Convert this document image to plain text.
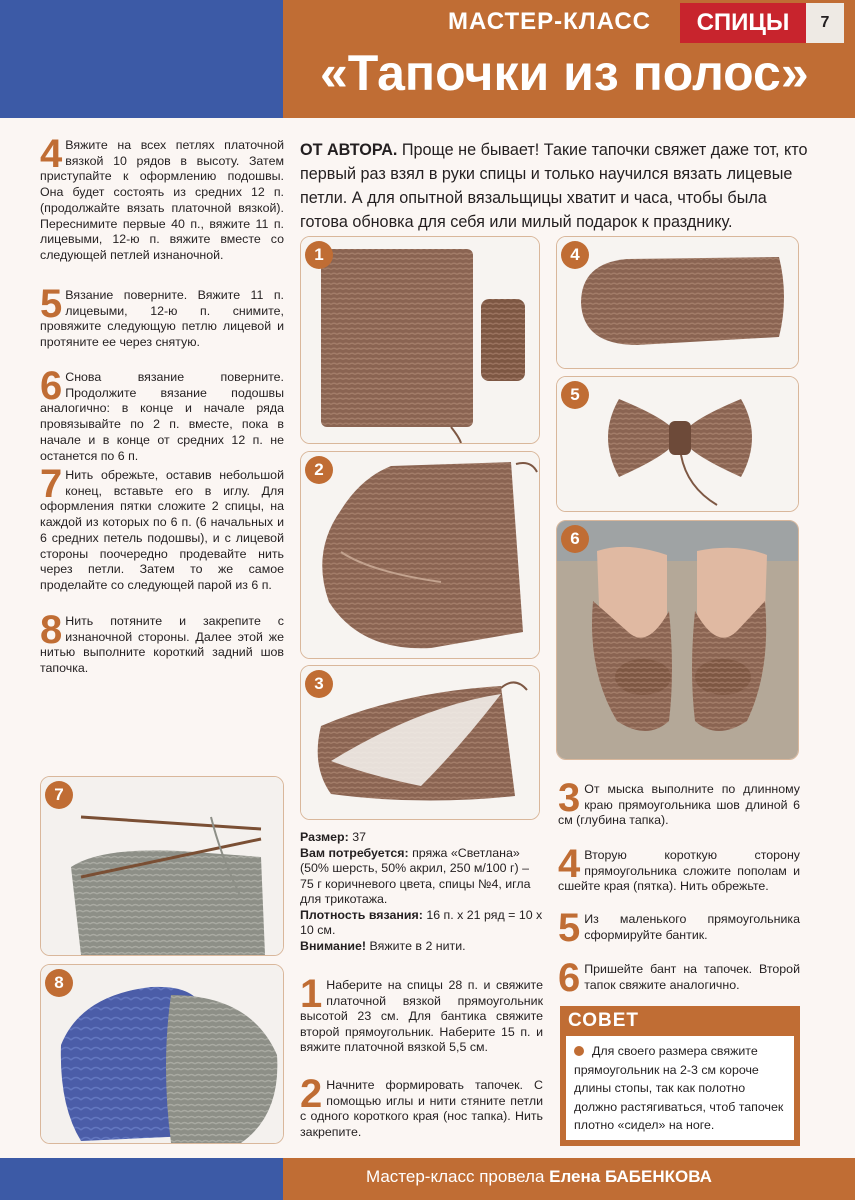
МАСТЕР-КЛАСС	СПИЦЫ	7
«Тапочки из полос»
4 Вяжите на всех петлях платочной вязкой 10 рядов в высоту. Затем приступайте к оформлению подошвы. Она будет состоять из средних 12 п. (продолжайте вязать платочной вязкой). Переснимите первые 40 п., вяжите 11 п. лицевыми, 12-ю п. вяжите вместе со следующей петлей изнаночной.
5 Вязание поверните. Вяжите 11 п. лицевыми, 12-ю п. снимите, провяжите следующую петлю лицевой и протяните ее через снятую.
6 Снова вязание поверните. Продолжите вязание подошвы аналогично: в конце и начале ряда провязывайте по 2 п. вместе, пока в начале и в конце от средних 12 п. не останется по 6 п.
7 Нить обрежьте, оставив небольшой конец, вставьте его в иглу. Для оформления пятки сложите 2 спицы, на каждой из которых по 6 п. (6 начальных и 6 средних петель подошвы), и с лицевой стороны поочередно продевайте нить через петли. Затем то же самое проделайте со следующей парой из 6 п.
8 Нить потяните и закрепите с изнаночной стороны. Далее этой же нитью выполните короткий задний шов тапочка.
ОТ АВТОРА. Проще не бывает! Такие тапочки свяжет даже тот, кто первый раз взял в руки спицы и только научился вязать лицевые петли. А для опытной вязальщицы хватит и часа, чтобы была готова обновка для себя или милый подарок к празднику.
1
2
3
4
5
6
7
8
Размер: 37
Вам потребуется: пряжа «Светлана» (50% шерсть, 50% акрил, 250 м/100 г) – 75 г коричневого цвета, спицы №4, игла для трикотажа.
Плотность вязания: 16 п. x 21 ряд = 10 x 10 см.
Внимание! Вяжите в 2 нити.
1 Наберите на спицы 28 п. и свяжите платочной вязкой прямоугольник высотой 23 см. Для бантика свяжите второй прямоугольник. Наберите 15 п. и вяжите платочной вязкой 5,5 см.
2 Начните формировать тапочек. С помощью иглы и нити стяните петли с одного короткого края (нос тапка). Нить закрепите.
3 От мыска выполните по длинному краю прямоугольника шов длиной 6 см (глубина тапка).
4 Вторую короткую сторону прямоугольника сложите пополам и сшейте края (пятка). Нить обрежьте.
5 Из маленького прямоугольника сформируйте бантик.
6 Пришейте бант на тапочек. Второй тапок свяжите аналогично.
СОВЕТ
Для своего размера свяжите прямоугольник на 2-3 см короче длины стопы, так как полотно должно растягиваться, чтоб тапочек плотно «сидел» на ноге.
Мастер-класс провела Елена БАБЕНКОВА
